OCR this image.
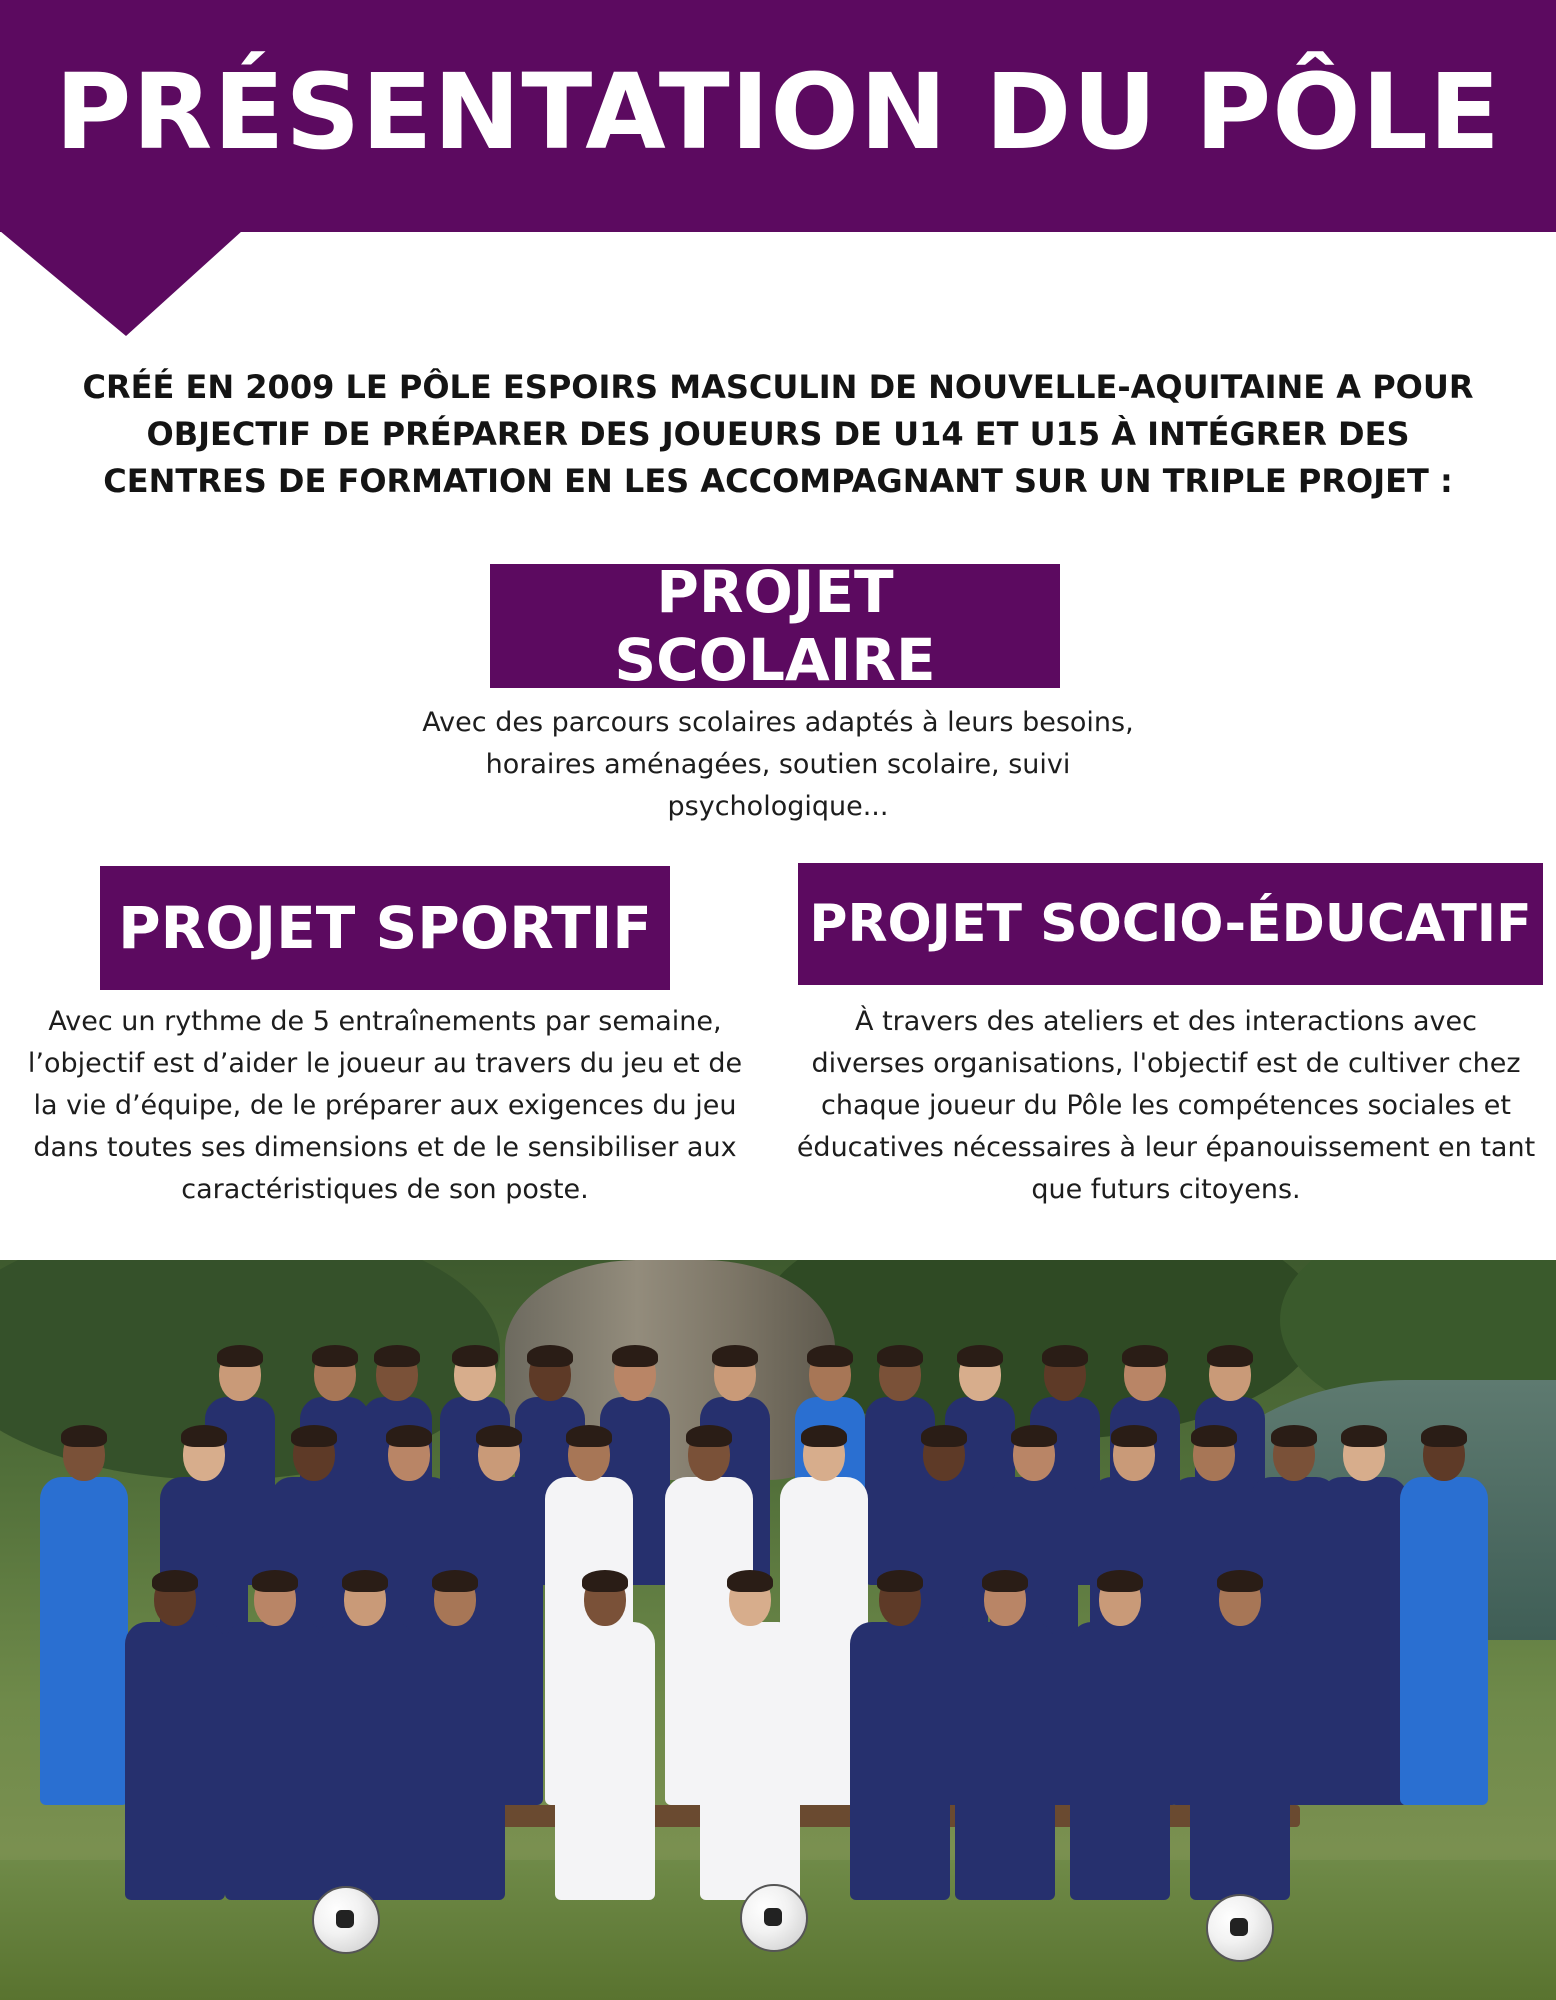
PRÉSENTATION DU PÔLE

CRÉÉ EN 2009 LE PÔLE ESPOIRS MASCULIN DE NOUVELLE-AQUITAINE A POUR OBJECTIF DE PRÉPARER DES JOUEURS DE U14 ET U15 À INTÉGRER DES CENTRES DE FORMATION EN LES ACCOMPAGNANT SUR UN TRIPLE PROJET :

PROJET SCOLAIRE

Avec des parcours scolaires adaptés à leurs besoins, horaires aménagées, soutien scolaire, suivi psychologique...

PROJET SPORTIF

Avec un rythme de 5 entraînements par semaine, l’objectif est d’aider le joueur au travers du jeu et de la vie d’équipe, de le préparer aux exigences du jeu dans toutes ses dimensions et de le sensibiliser aux caractéristiques de son poste.

PROJET SOCIO-ÉDUCATIF

À travers des ateliers et des interactions avec diverses organisations, l'objectif est de cultiver chez chaque joueur du Pôle les compétences sociales et éducatives nécessaires à leur épanouissement en tant que futurs citoyens.
